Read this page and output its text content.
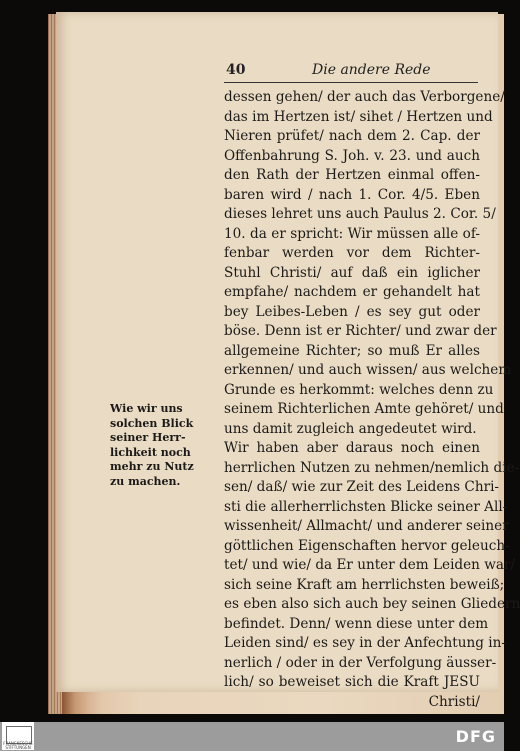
40	Die andere Rede
dessen gehen/ der auch das Verborgene/
das im Hertzen ist/ sihet / Hertzen und
Nieren prüfet/ nach dem 2. Cap. der
Offenbahrung S. Joh. v. 23. und auch
den Rath der Hertzen einmal offen-
baren wird / nach 1. Cor. 4/5. Eben
dieses lehret uns auch Paulus 2. Cor. 5/
10. da er spricht: Wir müssen alle of-
fenbar werden vor dem Richter-
Stuhl Christi/ auf daß ein iglicher
empfahe/ nachdem er gehandelt hat
bey Leibes-Leben / es sey gut oder
böse. Denn ist er Richter/ und zwar der
allgemeine Richter; so muß Er alles
erkennen/ und auch wissen/ aus welchem
Grunde es herkommt: welches denn zu
seinem Richterlichen Amte gehöret/ und
uns damit zugleich angedeutet wird.
Wir haben aber daraus noch einen
herrlichen Nutzen zu nehmen/nemlich die-
sen/ daß/ wie zur Zeit des Leidens Chri-
sti die allerherrlichsten Blicke seiner All-
wissenheit/ Allmacht/ und anderer seiner
göttlichen Eigenschaften hervor geleuch-
tet/ und wie/ da Er unter dem Leiden war/
sich seine Kraft am herrlichsten beweiß;
es eben also sich auch bey seinen Gliedern
befindet. Denn/ wenn diese unter dem
Leiden sind/ es sey in der Anfechtung in-
nerlich / oder in der Verfolgung äusser-
lich/ so beweiset sich die Kraft JESU
Christi/
Wie wir uns
solchen Blick
seiner Herr-
lichkeit noch
mehr zu Nutz
zu machen.
FRANCKESCHE STIFTUNGEN
DFG
